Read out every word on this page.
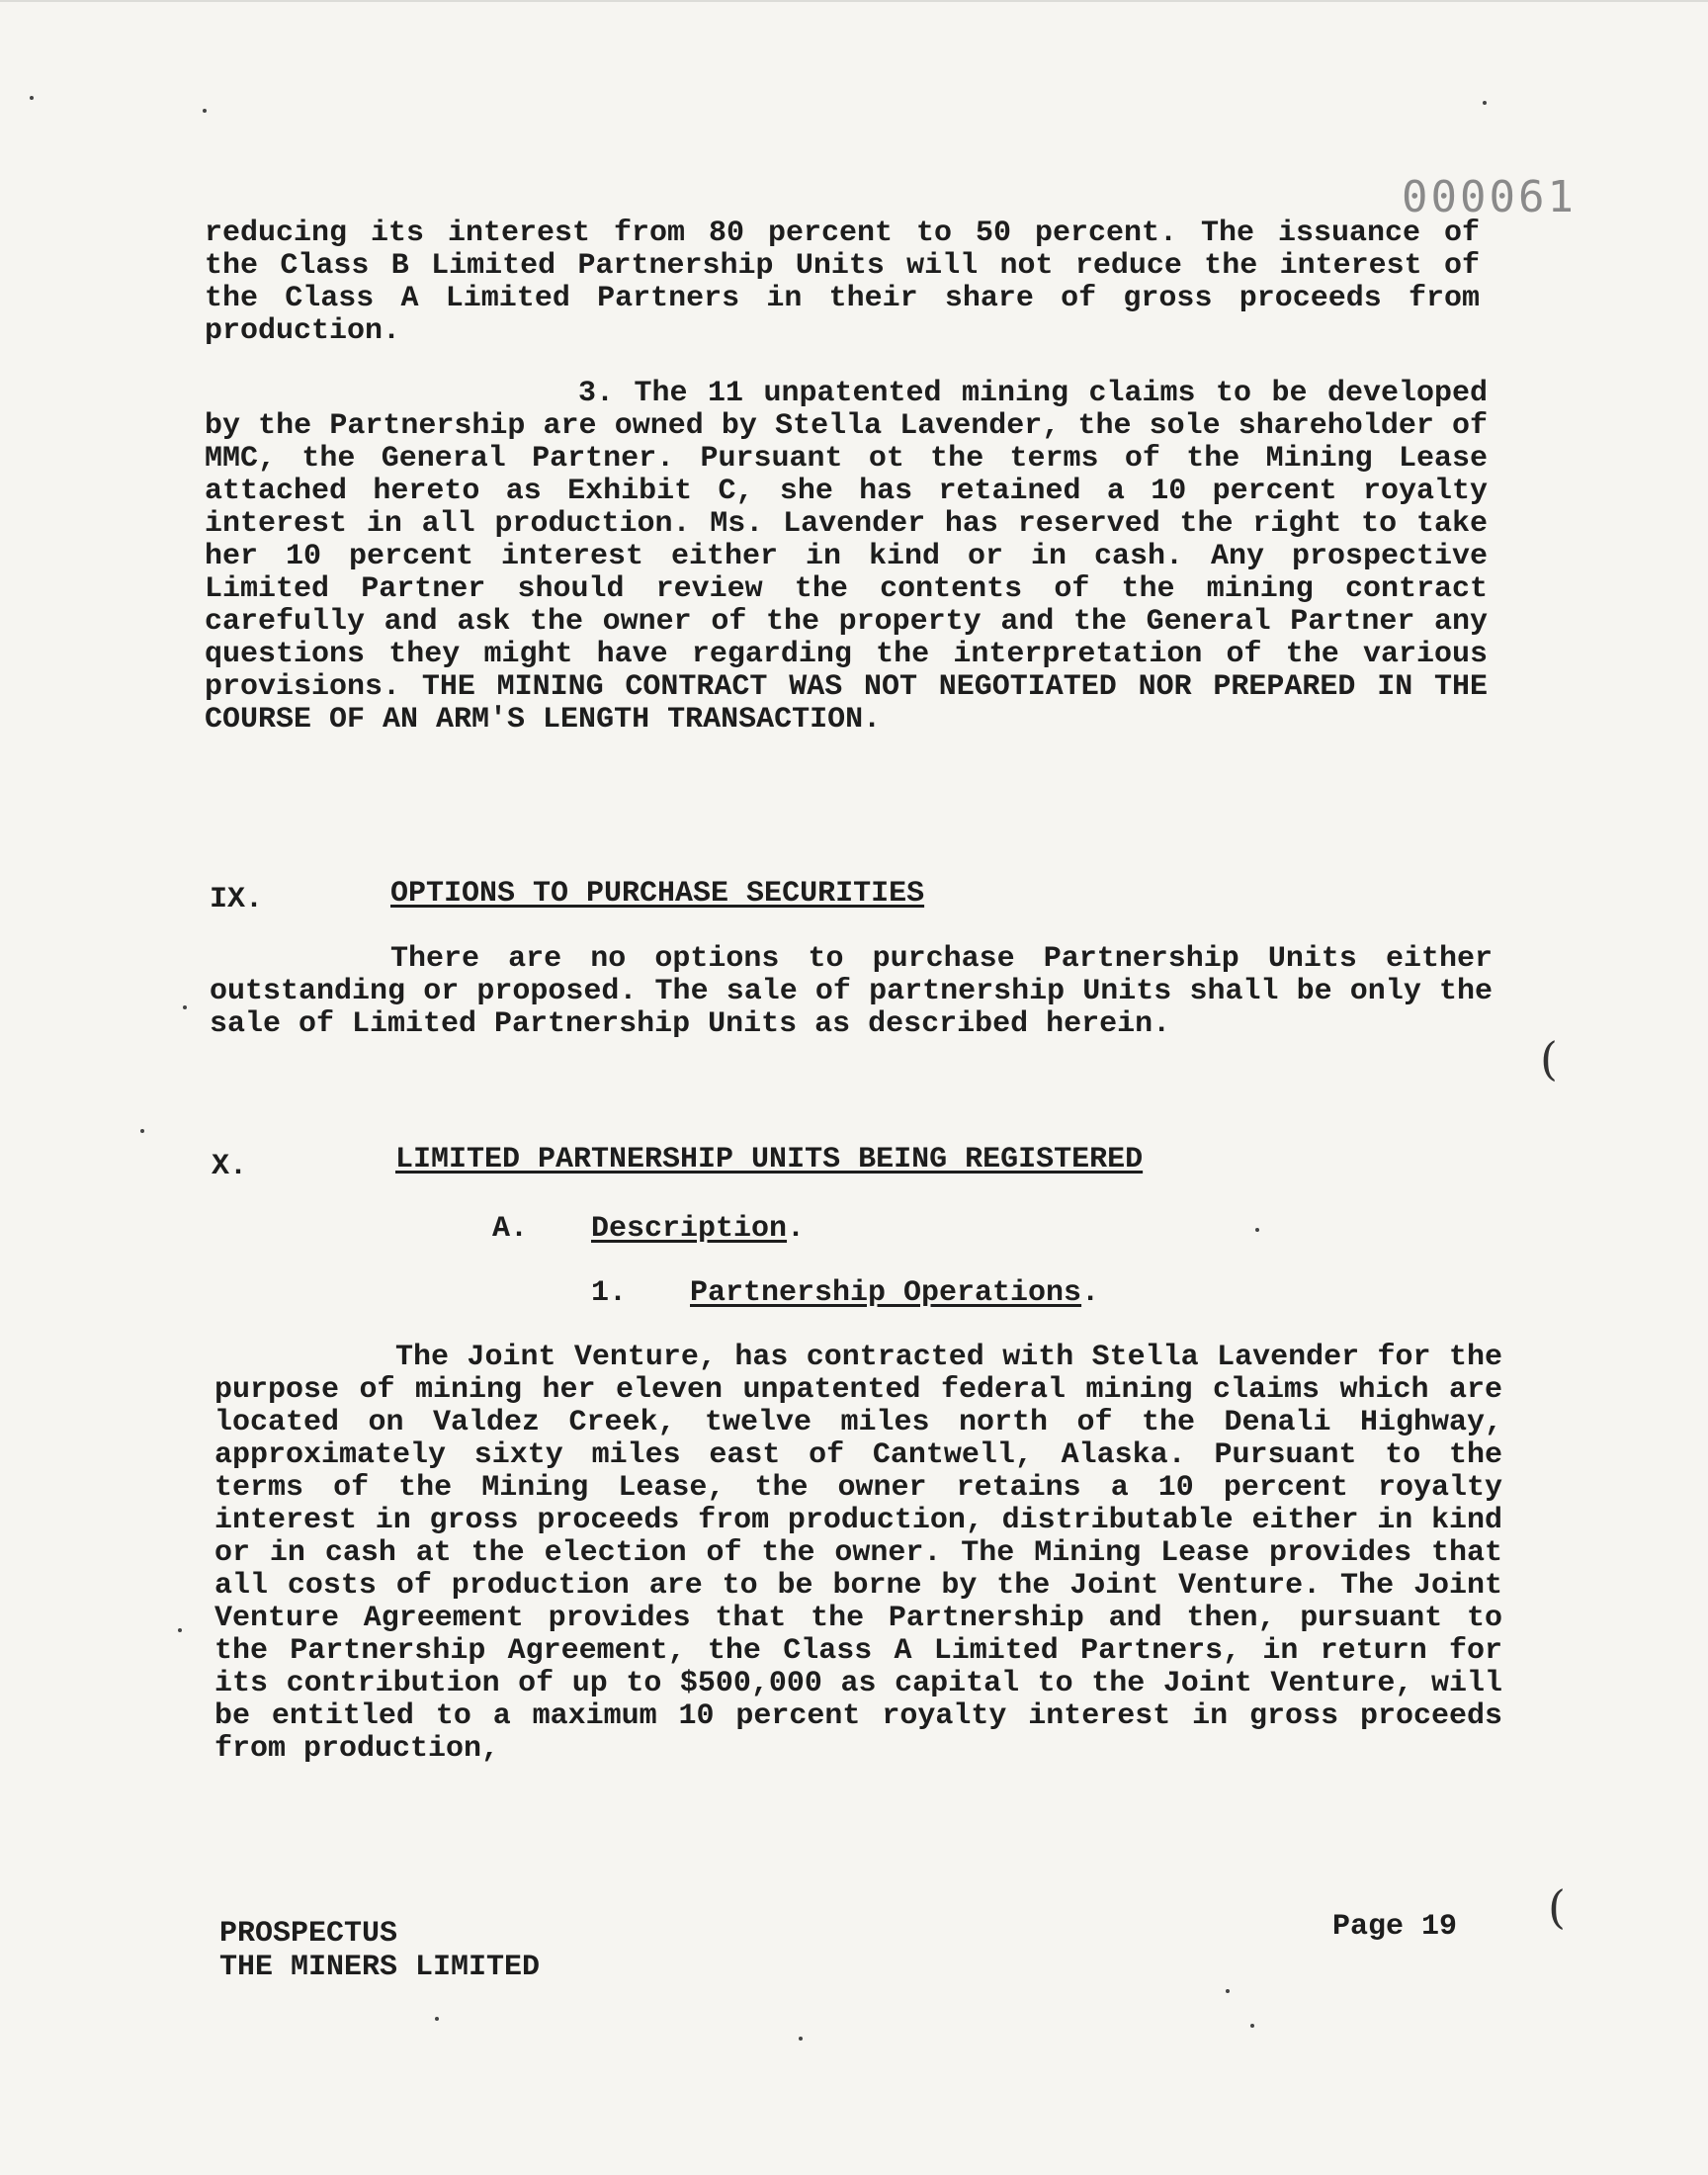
000061
reducing its interest from 80 percent to 50 percent. The issuance of the Class B Limited Partnership Units will not reduce the interest of the Class A Limited Partners in their share of gross proceeds from production.
3. The 11 unpatented mining claims to be developed by the Partnership are owned by Stella Lavender, the sole shareholder of MMC, the General Partner. Pursuant ot the terms of the Mining Lease attached hereto as Exhibit C, she has retained a 10 percent royalty interest in all production. Ms. Lavender has reserved the right to take her 10 percent interest either in kind or in cash. Any prospective Limited Partner should review the contents of the mining contract carefully and ask the owner of the property and the General Partner any questions they might have regarding the interpretation of the various provisions. THE MINING CONTRACT WAS NOT NEGOTIATED NOR PREPARED IN THE COURSE OF AN ARM'S LENGTH TRANSACTION.
IX.	OPTIONS TO PURCHASE SECURITIES
There are no options to purchase Partnership Units either outstanding or proposed. The sale of partnership Units shall be only the sale of Limited Partnership Units as described herein.
X.	LIMITED PARTNERSHIP UNITS BEING REGISTERED
A. Description.
1. Partnership Operations.
The Joint Venture, has contracted with Stella Lavender for the purpose of mining her eleven unpatented federal mining claims which are located on Valdez Creek, twelve miles north of the Denali Highway, approximately sixty miles east of Cantwell, Alaska. Pursuant to the terms of the Mining Lease, the owner retains a 10 percent royalty interest in gross proceeds from production, distributable either in kind or in cash at the election of the owner. The Mining Lease provides that all costs of production are to be borne by the Joint Venture. The Joint Venture Agreement provides that the Partnership and then, pursuant to the Partnership Agreement, the Class A Limited Partners, in return for its contribution of up to $500,000 as capital to the Joint Venture, will be entitled to a maximum 10 percent royalty interest in gross proceeds from production,
PROSPECTUS
THE MINERS LIMITED
Page 19
(
(
